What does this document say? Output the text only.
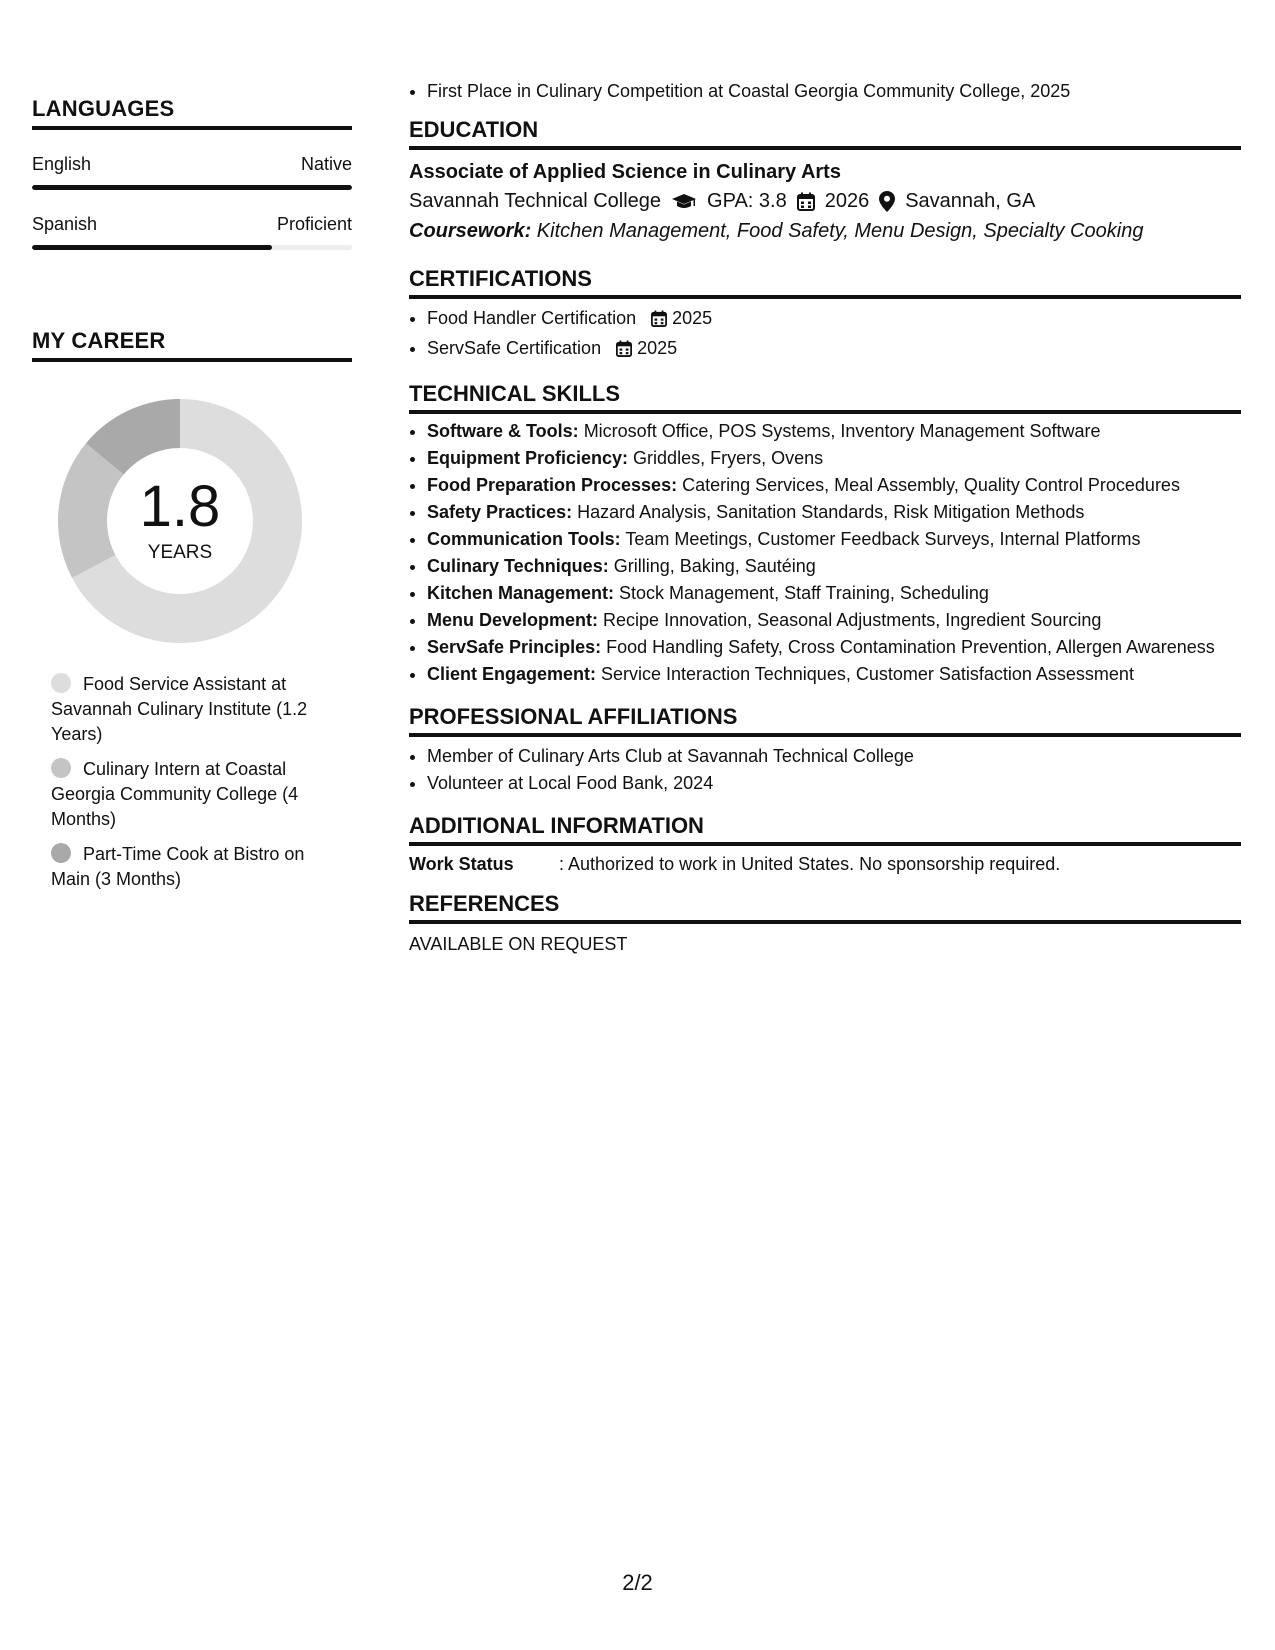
LANGUAGES
English	Native
Spanish	Proficient
MY CAREER
1.8
YEARS
Food Service Assistant at Savannah Culinary Institute (1.2 Years)
Culinary Intern at Coastal Georgia Community College (4 Months)
Part-Time Cook at Bistro on Main (3 Months)
• First Place in Culinary Competition at Coastal Georgia Community College, 2025
EDUCATION
Associate of Applied Science in Culinary Arts
Savannah Technical College GPA: 3.8 2026 Savannah, GA
Coursework: Kitchen Management, Food Safety, Menu Design, Specialty Cooking
CERTIFICATIONS
• Food Handler Certification 2025
• ServSafe Certification 2025
TECHNICAL SKILLS
• Software & Tools: Microsoft Office, POS Systems, Inventory Management Software
• Equipment Proficiency: Griddles, Fryers, Ovens
• Food Preparation Processes: Catering Services, Meal Assembly, Quality Control Procedures
• Safety Practices: Hazard Analysis, Sanitation Standards, Risk Mitigation Methods
• Communication Tools: Team Meetings, Customer Feedback Surveys, Internal Platforms
• Culinary Techniques: Grilling, Baking, Sautéing
• Kitchen Management: Stock Management, Staff Training, Scheduling
• Menu Development: Recipe Innovation, Seasonal Adjustments, Ingredient Sourcing
• ServSafe Principles: Food Handling Safety, Cross Contamination Prevention, Allergen Awareness
• Client Engagement: Service Interaction Techniques, Customer Satisfaction Assessment
PROFESSIONAL AFFILIATIONS
• Member of Culinary Arts Club at Savannah Technical College
• Volunteer at Local Food Bank, 2024
ADDITIONAL INFORMATION
Work Status	: Authorized to work in United States. No sponsorship required.
REFERENCES
AVAILABLE ON REQUEST
2/2
